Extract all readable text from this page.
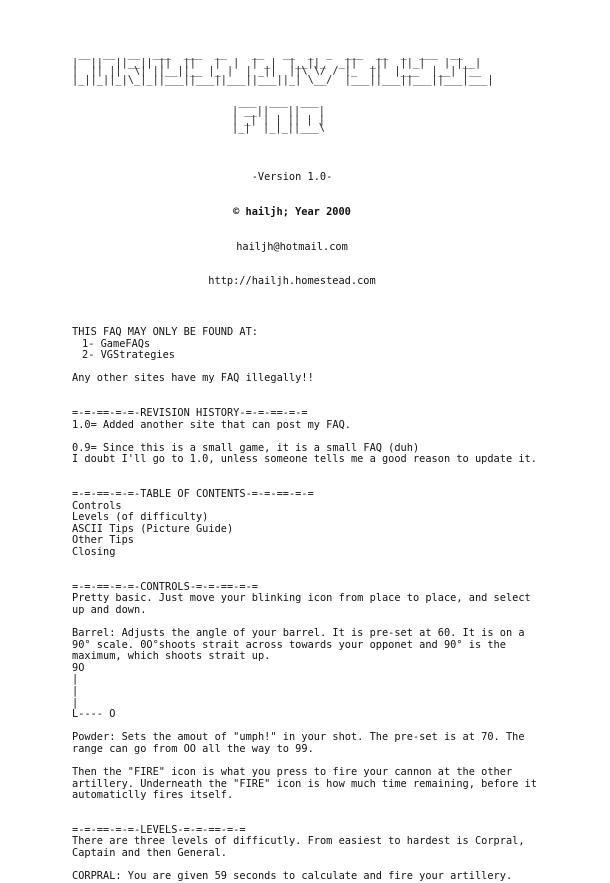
__  __  __  ___  ___  __    __   __  _  _  ___  __  _  ___  __
|  ||  ||__|| ||  ||   |  |  | _|  |__||_  _||  _||  ||_|   | |__|
|  || ||  \| ||__||__ |_ |  | _||  ||\ \/ / |_  ||  |___  |__| |__
|_||_||_|\_|_||___||___||___||___||_| \__/  |___||___||___||___|___|
___  ___  ___
| __||   ||   |
| _| | | || | |
|_|  |_|_||___\

-Version 1.0-

© hailjh; Year 2000

hailjh@hotmail.com

http://hailjh.homestead.com

THIS FAQ MAY ONLY BE FOUND AT:
1- GameFAQs
2- VGStrategies
Any other sites have my FAQ illegally!!
=-=-==-=-=-REVISION HISTORY-=-=-==-=-=
1.0= Added another site that can post my FAQ.
0.9= Since this is a small game, it is a small FAQ (duh)
I doubt I'll go to 1.0, unless someone tells me a good reason to update it.
=-=-==-=-=-TABLE OF CONTENTS-=-=-==-=-=
Controls
Levels (of difficulty)
ASCII Tips (Picture Guide)
Other Tips
Closing
=-=-==-=-=-CONTROLS-=-=-==-=-=
Pretty basic. Just move your blinking icon from place to place, and select
up and down.
Barrel: Adjusts the angle of your barrel. It is pre-set at 60. It is on a
90° scale. 0O°shoots strait across towards your opponet and 90° is the
maximum, which shoots strait up.
9O
|
|
|
L---- O
Powder: Sets the amout of "umph!" in your shot. The pre-set is at 70. The
range can go from OO all the way to 99.
Then the "FIRE" icon is what you press to fire your cannon at the other
artillery. Underneath the "FIRE" icon is how much time remaining, before it
automaticlly fires itself.
=-=-==-=-=-LEVELS-=-=-==-=-=
There are three levels of difficutly. From easiest to hardest is Corpral,
Captain and then General.
CORPRAL: You are given 59 seconds to calculate and fire your artillery.
